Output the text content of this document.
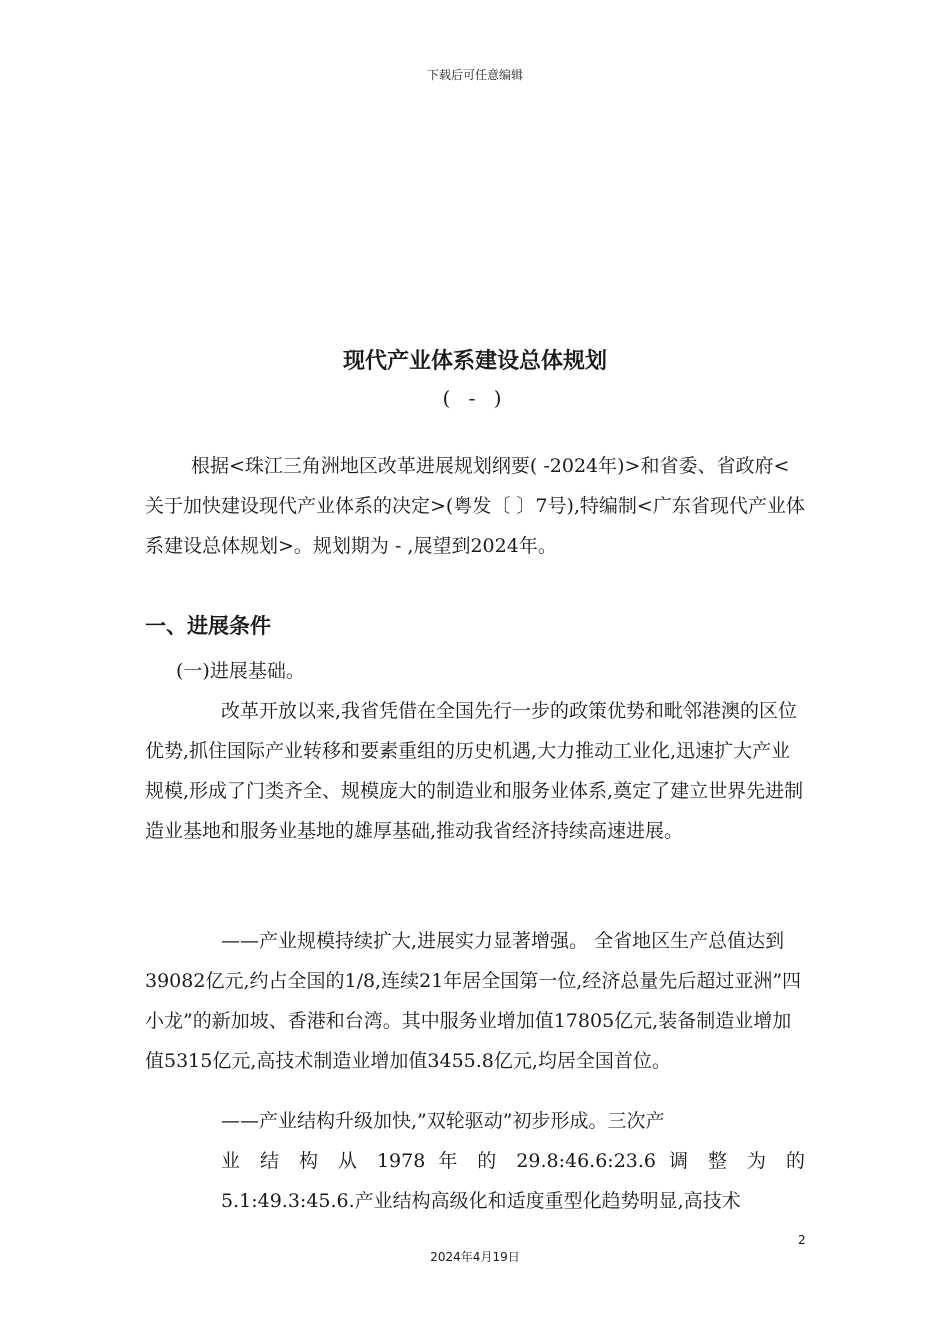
下载后可任意编辑
现代产业体系建设总体规划
( - )
根据<珠江三角洲地区改革进展规划纲要( -2024年)>和省委、省政府<关于加快建设现代产业体系的决定>(粤发〔 〕7号),特编制<广东省现代产业体系建设总体规划>。规划期为 - ,展望到2024年。
一、进展条件
(一)进展基础。
改革开放以来,我省凭借在全国先行一步的政策优势和毗邻港澳的区位优势,抓住国际产业转移和要素重组的历史机遇,大力推动工业化,迅速扩大产业规模,形成了门类齐全、规模庞大的制造业和服务业体系,奠定了建立世界先进制造业基地和服务业基地的雄厚基础,推动我省经济持续高速进展。
——产业规模持续扩大,进展实力显著增强。 全省地区生产总值达到39082亿元,约占全国的1/8,连续21年居全国第一位,经济总量先后超过亚洲”四小龙”的新加坡、香港和台湾。其中服务业增加值17805亿元,装备制造业增加值5315亿元,高技术制造业增加值3455.8亿元,均居全国首位。
——产业结构升级加快,”双轮驱动”初步形成。三次产
业 结 构 从 1978 年 的 29.8:46.6:23.6 调 整 为 的
5.1:49.3:45.6.产业结构高级化和适度重型化趋势明显,高技术
2
2024年4月19日
